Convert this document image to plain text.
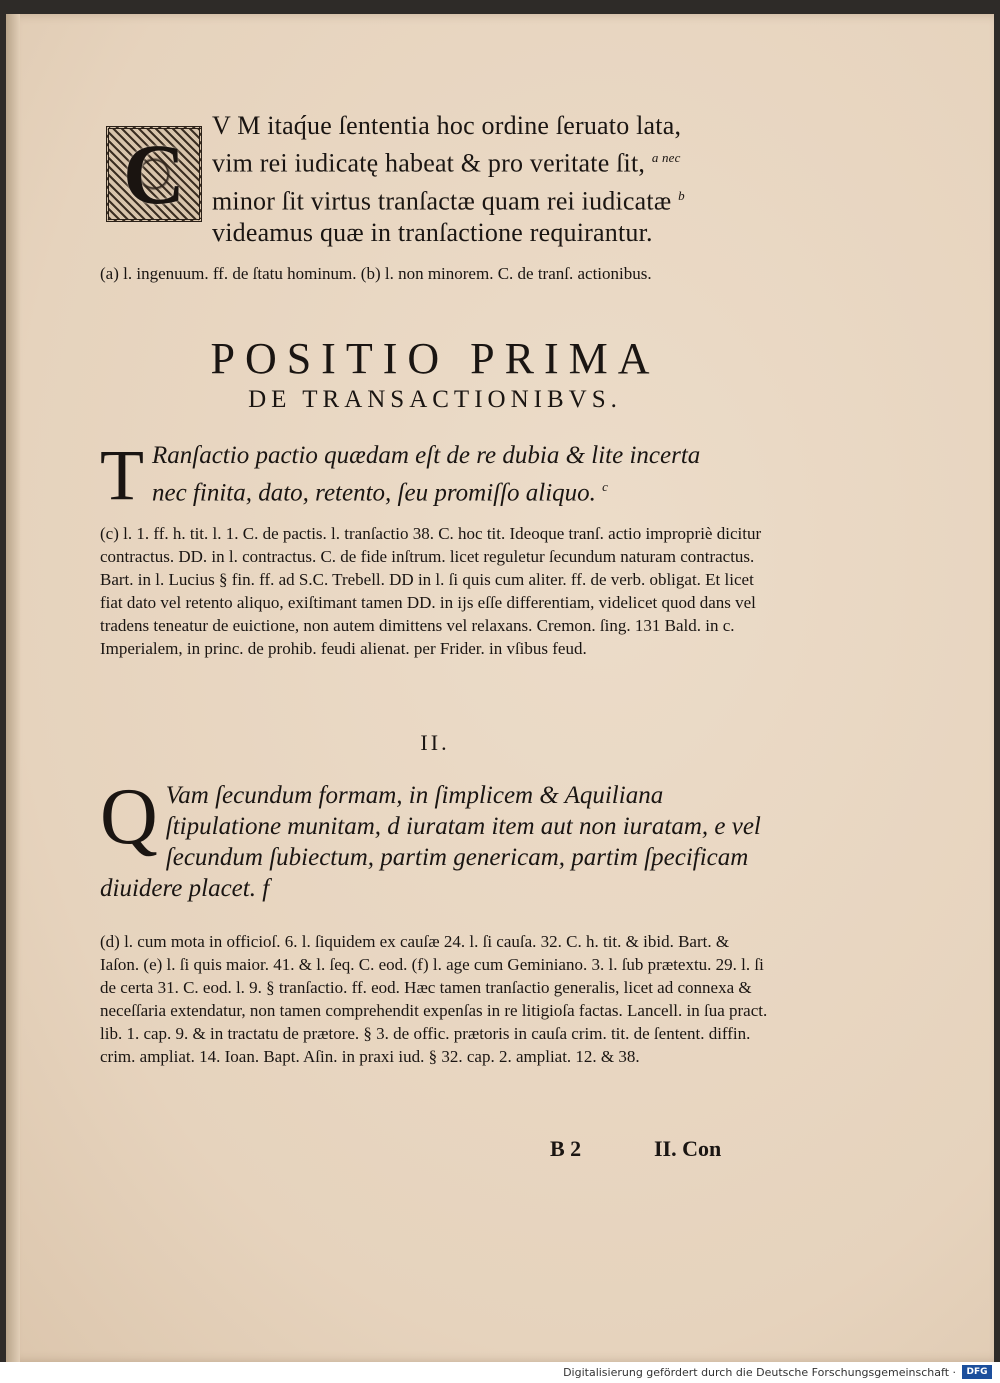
C
V M itaq́ue ſententia hoc ordine ſeruato lata,
vim rei iudicatę habeat & pro veritate ſit, $^{a nec}$
minor ſit virtus tranſactæ quam rei iudicatæ $^b$
videamus quæ in tranſactione requirantur.
(a) l. ingenuum. ff. de ſtatu hominum. (b) l. non minorem. C. de tranſ. actionibus.
POSITIO PRIMA
DE TRANSACTIONIBVS.
T Ranſactio pactio quædam eſt de re dubia & lite incerta
nec finita, dato, retento, ſeu promiſſo aliquo. $^c$
(c) l. 1. ff. h. tit. l. 1. C. de pactis. l. tranſactio 38. C. hoc tit. Ideoque tranſ. actio impropriè dicitur contractus. DD. in l. contractus. C. de fide inſtrum. licet reguletur ſecundum naturam contractus. Bart. in l. Lucius § fin. ff. ad S.C. Trebell. DD in l. ſi quis cum aliter. ff. de verb. obligat. Et licet fiat dato vel retento aliquo, exiſtimant tamen DD. in ijs eſſe differentiam, videlicet quod dans vel tradens teneatur de euictione, non autem dimittens vel relaxans. Cremon. ſing. 131 Bald. in c. Imperialem, in princ. de prohib. feudi alienat. per Frider. in vſibus feud.
II.
Q Vam ſecundum formam, in ſimplicem & Aquiliana ſtipulatione munitam, d iuratam item aut non iuratam, e vel ſecundum ſubiectum, partim genericam, partim ſpecificam diuidere placet. f
(d) l. cum mota in officioſ. 6. l. ſiquidem ex cauſæ 24. l. ſi cauſa. 32. C. h. tit. & ibid. Bart. & Iaſon. (e) l. ſi quis maior. 41. & l. ſeq. C. eod. (f) l. age cum Geminiano. 3. l. ſub prætextu. 29. l. ſi de certa 31. C. eod. l. 9. § tranſactio. ff. eod. Hæc tamen tranſactio generalis, licet ad connexa & neceſſaria extendatur, non tamen comprehendit expenſas in re litigioſa factas. Lancell. in ſua pract. lib. 1. cap. 9. & in tractatu de prætore. § 3. de offic. prætoris in cauſa crim. tit. de ſentent. diffin. crim. ampliat. 14. Ioan. Bapt. Aſin. in praxi iud. § 32. cap. 2. ampliat. 12. & 38.
B 2	II. Con
Digitalisierung gefördert durch die Deutsche Forschungsgemeinschaft ·	DFG
